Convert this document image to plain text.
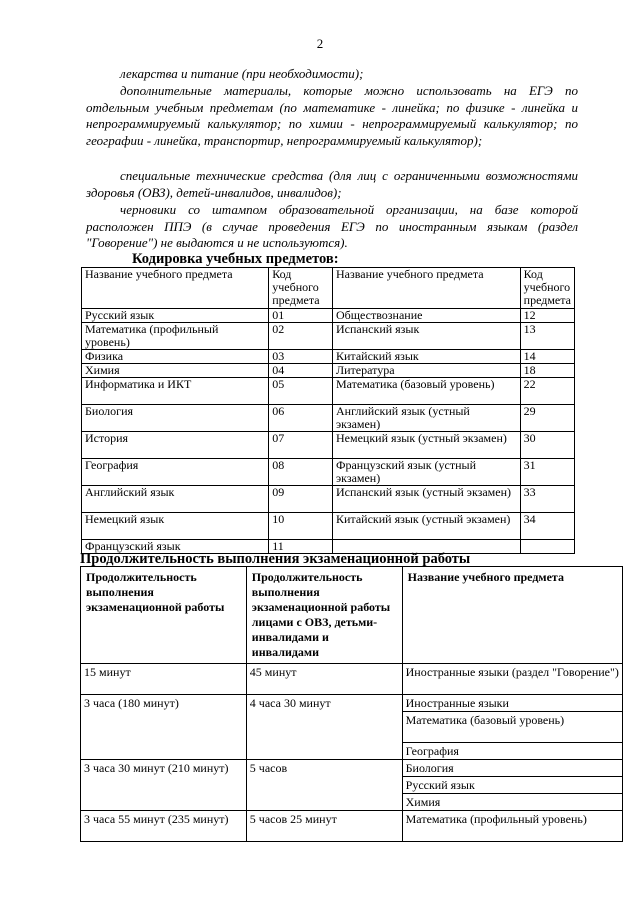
2
лекарства и питание (при необходимости);
дополнительные материалы, которые можно использовать на ЕГЭ по отдельным учебным предметам (по математике - линейка; по физике - линейка и непрограммируемый калькулятор; по химии - непрограммируемый калькулятор; по географии - линейка, транспортир, непрограммируемый калькулятор);
специальные технические средства (для лиц с ограниченными возможностями здоровья (ОВЗ), детей-инвалидов, инвалидов);
черновики со штампом образовательной организации, на базе которой расположен ППЭ (в случае проведения ЕГЭ по иностранным языкам (раздел "Говорение") не выдаются и не используются).
Кодировка учебных предметов:
Название учебного предмета	Код учебного предмета	Название учебного предмета	Код учебного предмета
Русский язык	01	Обществознание	12
Математика (профильный уровень)	02	Испанский язык	13
Физика	03	Китайский язык	14
Химия	04	Литература	18
Информатика и ИКТ	05	Математика (базовый уровень)	22
Биология	06	Английский язык (устный экзамен)	29
История	07	Немецкий язык (устный экзамен)	30
География	08	Французский язык (устный экзамен)	31
Английский язык	09	Испанский язык (устный экзамен)	33
Немецкий язык	10	Китайский язык (устный экзамен)	34
Французский язык	11		
Продолжительность выполнения экзаменационной работы
Продолжительность выполнения экзаменационной работы	Продолжительность выполнения экзаменационной работы лицами с ОВЗ, детьми-инвалидами и инвалидами	Название учебного предмета
15 минут	45 минут	Иностранные языки (раздел "Говорение")
3 часа (180 минут)	4 часа 30 минут	Иностранные языки
		Математика (базовый уровень)
		География
3 часа 30 минут (210 минут)	5 часов	Биология
		Русский язык
		Химия
3 часа 55 минут (235 минут)	5 часов 25 минут	Математика (профильный уровень)
